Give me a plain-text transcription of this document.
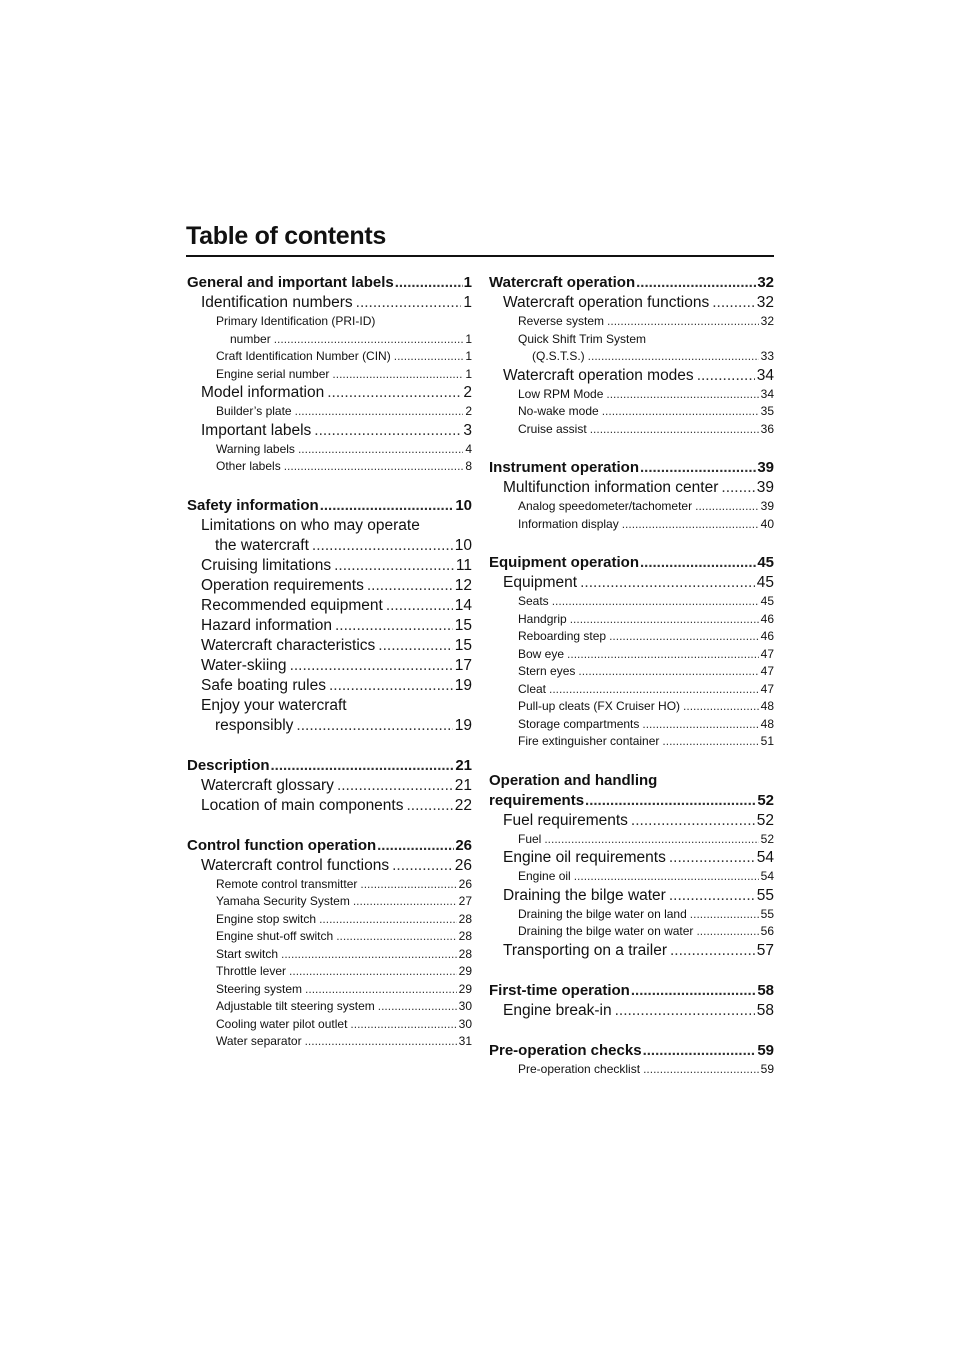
Table of contents
General and important labels .....	1
Identification numbers .....	1
Primary Identification (PRI-ID)
number .....	1
Craft Identification Number (CIN) .....	1
Engine serial number .....	1
Model information .....	2
Builder’s plate .....	2
Important labels .....	3
Warning labels .....	4
Other labels .....	8
Safety information .....	10
Limitations on who may operate
the watercraft .....	10
Cruising limitations .....	11
Operation requirements .....	12
Recommended equipment .....	14
Hazard information .....	15
Watercraft characteristics .....	15
Water-skiing .....	17
Safe boating rules .....	19
Enjoy your watercraft
responsibly .....	19
Description .....	21
Watercraft glossary .....	21
Location of main components .....	22
Control function operation .....	26
Watercraft control functions .....	26
Remote control transmitter .....	26
Yamaha Security System .....	27
Engine stop switch .....	28
Engine shut-off switch .....	28
Start switch .....	28
Throttle lever .....	29
Steering system .....	29
Adjustable tilt steering system .....	30
Cooling water pilot outlet .....	30
Water separator .....	31
Watercraft operation .....	32
Watercraft operation functions .....	32
Reverse system .....	32
Quick Shift Trim System
(Q.S.T.S.) .....	33
Watercraft operation modes .....	34
Low RPM Mode .....	34
No-wake mode .....	35
Cruise assist .....	36
Instrument operation .....	39
Multifunction information center ..... 39
Analog speedometer/tachometer .....	39
Information display .....	40
Equipment operation .....	45
Equipment .....	45
Seats .....	45
Handgrip .....	46
Reboarding step .....	46
Bow eye .....	47
Stern eyes .....	47
Cleat .....	47
Pull-up cleats (FX Cruiser HO) .....	48
Storage compartments .....	48
Fire extinguisher container .....	51
Operation and handling
requirements .....	52
Fuel requirements .....	52
Fuel .....	52
Engine oil requirements .....	54
Engine oil .....	54
Draining the bilge water .....	55
Draining the bilge water on land .....	55
Draining the bilge water on water .....	56
Transporting on a trailer .....	57
First-time operation .....	58
Engine break-in .....	58
Pre-operation checks .....	59
Pre-operation checklist .....	59
